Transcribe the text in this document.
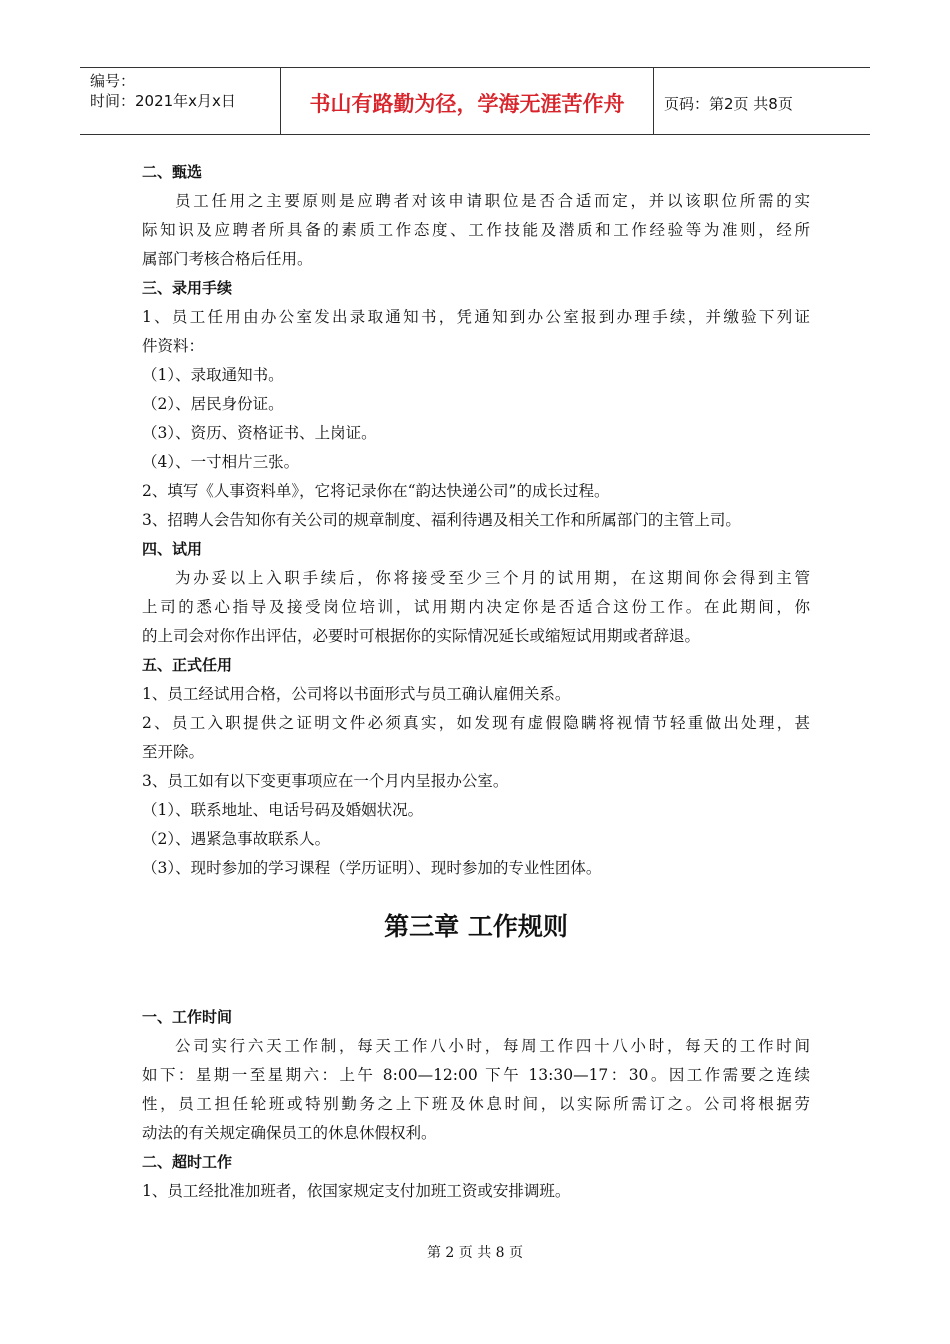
编号：
时间：2021年x月x日	书山有路勤为径，学海无涯苦作舟	页码：第2页 共8页
二、甄选
员工任用之主要原则是应聘者对该申请职位是否合适而定，并以该职位所需的实
际知识及应聘者所具备的素质工作态度、工作技能及潜质和工作经验等为准则，经所
属部门考核合格后任用。
三、录用手续
1、员工任用由办公室发出录取通知书，凭通知到办公室报到办理手续，并缴验下列证
件资料：
（1）、录取通知书。
（2）、居民身份证。
（3）、资历、资格证书、上岗证。
（4）、一寸相片三张。
2、填写《人事资料单》，它将记录你在“韵达快递公司”的成长过程。
3、招聘人会告知你有关公司的规章制度、福利待遇及相关工作和所属部门的主管上司。
四、试用
为办妥以上入职手续后，你将接受至少三个月的试用期，在这期间你会得到主管
上司的悉心指导及接受岗位培训，试用期内决定你是否适合这份工作。在此期间，你
的上司会对你作出评估，必要时可根据你的实际情况延长或缩短试用期或者辞退。
五、正式任用
1、员工经试用合格，公司将以书面形式与员工确认雇佣关系。
2、员工入职提供之证明文件必须真实，如发现有虚假隐瞒将视情节轻重做出处理，甚
至开除。
3、员工如有以下变更事项应在一个月内呈报办公室。
（1）、联系地址、电话号码及婚姻状况。
（2）、遇紧急事故联系人。
（3）、现时参加的学习课程（学历证明）、现时参加的专业性团体。
第三章 工作规则
一、工作时间
公司实行六天工作制，每天工作八小时，每周工作四十八小时，每天的工作时间
如下：星期一至星期六：上午 8:00—12:00 下午 13:30—17：30。因工作需要之连续
性，员工担任轮班或特别勤务之上下班及休息时间，以实际所需订之。公司将根据劳
动法的有关规定确保员工的休息休假权利。
二、超时工作
1、员工经批准加班者，依国家规定支付加班工资或安排调班。
第 2 页 共 8 页
